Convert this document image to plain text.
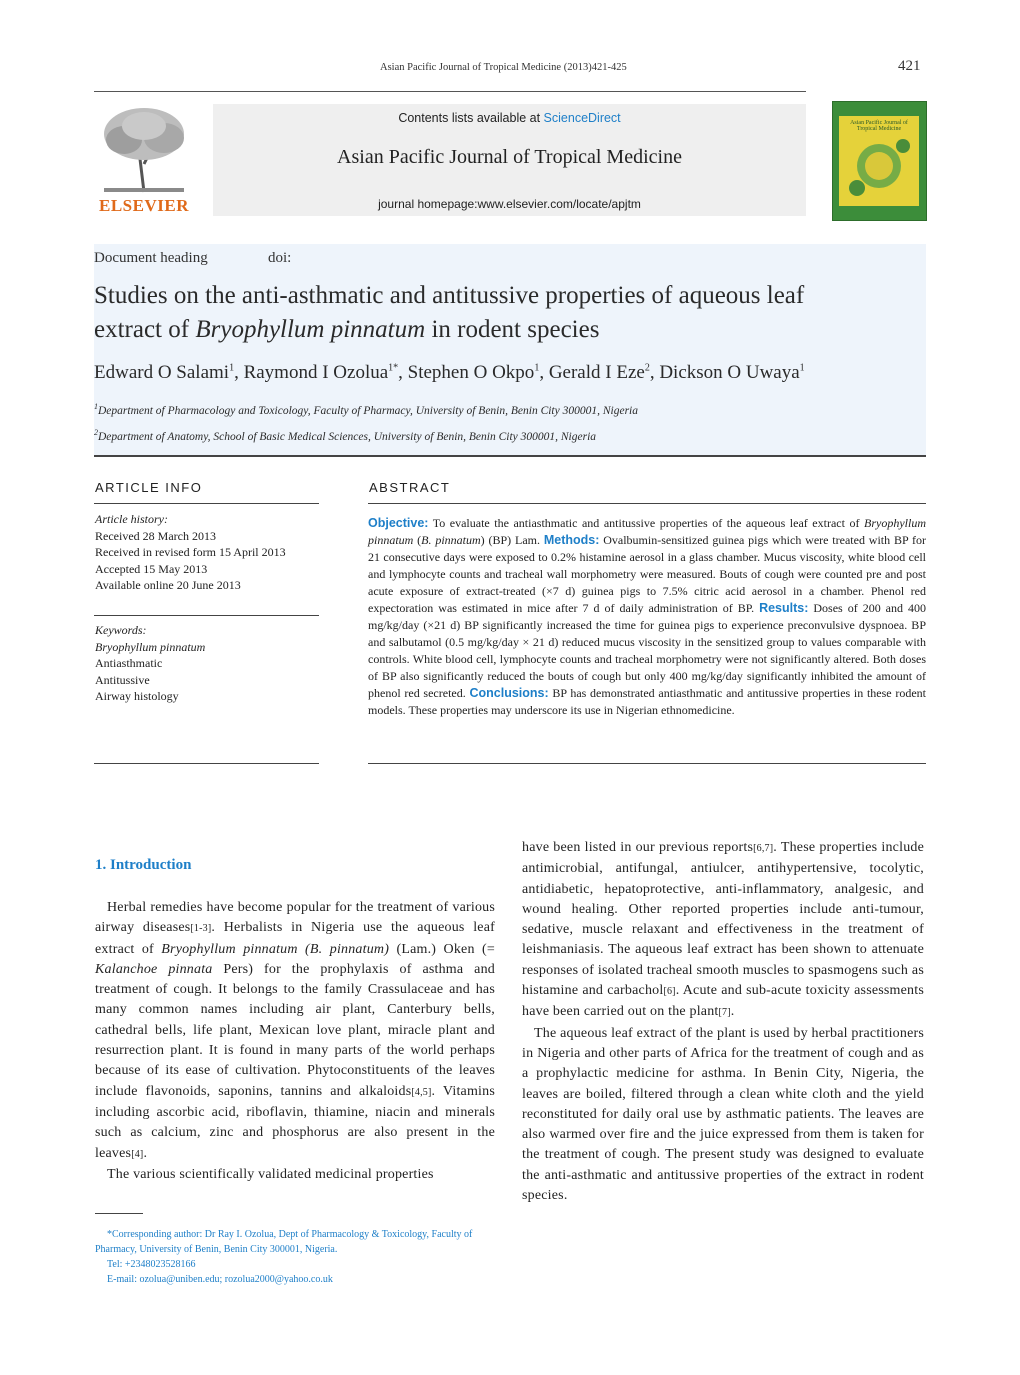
Asian Pacific Journal of Tropical Medicine (2013)421-425	421
ELSEVIER
Contents lists available at ScienceDirect
Asian Pacific Journal of Tropical Medicine
journal homepage:www.elsevier.com/locate/apjtm
Asian Pacific Journal of Tropical Medicine
Document heading	doi:
Studies on the anti-asthmatic and antitussive properties of aqueous leaf
extract of Bryophyllum pinnatum in rodent species
Edward O Salami$^1$, Raymond I Ozolua$^{1*}$, Stephen O Okpo$^1$, Gerald I Eze$^2$, Dickson O Uwaya$^1$
$^1$Department of Pharmacology and Toxicology, Faculty of Pharmacy, University of Benin, Benin City 300001, Nigeria
$^2$Department of Anatomy, School of Basic Medical Sciences, University of Benin, Benin City 300001, Nigeria
ARTICLE INFO
Article history:
Received 28 March 2013
Received in revised form 15 April 2013
Accepted 15 May 2013
Available online 20 June 2013
Keywords:
Bryophyllum pinnatum
Antiasthmatic
Antitussive
Airway histology
ABSTRACT
Objective: To evaluate the antiasthmatic and antitussive properties of the aqueous leaf extract of Bryophyllum pinnatum (B. pinnatum) (BP) Lam. Methods: Ovalbumin-sensitized guinea pigs which were treated with BP for 21 consecutive days were exposed to 0.2% histamine aerosol in a glass chamber. Mucus viscosity, white blood cell and lymphocyte counts and tracheal wall morphometry were measured. Bouts of cough were counted pre and post acute exposure of extract-treated (×7 d) guinea pigs to 7.5% citric acid aerosol in a chamber. Phenol red expectoration was estimated in mice after 7 d of daily administration of BP. Results: Doses of 200 and 400 mg/kg/day (×21 d) BP significantly increased the time for guinea pigs to experience preconvulsive dyspnoea. BP and salbutamol (0.5 mg/kg/day × 21 d) reduced mucus viscosity in the sensitized group to values comparable with controls. White blood cell, lymphocyte counts and tracheal morphometry were not significantly altered. Both doses of BP also significantly reduced the bouts of cough but only 400 mg/kg/day significantly inhibited the amount of phenol red secreted. Conclusions: BP has demonstrated antiasthmatic and antitussive properties in these rodent models. These properties may underscore its use in Nigerian ethnomedicine.
1. Introduction

Herbal remedies have become popular for the treatment of various airway diseases[1-3]. Herbalists in Nigeria use the aqueous leaf extract of Bryophyllum pinnatum (B. pinnatum) (Lam.) Oken (= Kalanchoe pinnata Pers) for the prophylaxis of asthma and treatment of cough. It belongs to the family Crassulaceae and has many common names including air plant, Canterbury bells, cathedral bells, life plant, Mexican love plant, miracle plant and resurrection plant. It is found in many parts of the world perhaps because of its ease of cultivation. Phytoconstituents of the leaves include flavonoids, saponins, tannins and alkaloids[4,5]. Vitamins including ascorbic acid, riboflavin, thiamine, niacin and minerals such as calcium, zinc and phosphorus are also present in the leaves[4].

The various scientifically validated medicinal properties

have been listed in our previous reports[6,7]. These properties include antimicrobial, antifungal, antiulcer, antihypertensive, tocolytic, antidiabetic, hepatoprotective, anti-inflammatory, analgesic, and wound healing. Other reported properties include anti-tumour, sedative, muscle relaxant and effectiveness in the treatment of leishmaniasis. The aqueous leaf extract has been shown to attenuate responses of isolated tracheal smooth muscles to spasmogens such as histamine and carbachol[6]. Acute and sub-acute toxicity assessments have been carried out on the plant[7].

The aqueous leaf extract of the plant is used by herbal practitioners in Nigeria and other parts of Africa for the treatment of cough and as a prophylactic medicine for asthma. In Benin City, Nigeria, the leaves are boiled, filtered through a clean white cloth and the yield reconstituted for daily oral use by asthmatic patients. The leaves are also warmed over fire and the juice expressed from them is taken for the treatment of cough. The present study was designed to evaluate the anti-asthmatic and antitussive properties of the extract in rodent species.

*Corresponding author: Dr Ray I. Ozolua, Dept of Pharmacology & Toxicology, Faculty of Pharmacy, University of Benin, Benin City 300001, Nigeria.
Tel: +2348023528166
E-mail: ozolua@uniben.edu; rozolua2000@yahoo.co.uk
